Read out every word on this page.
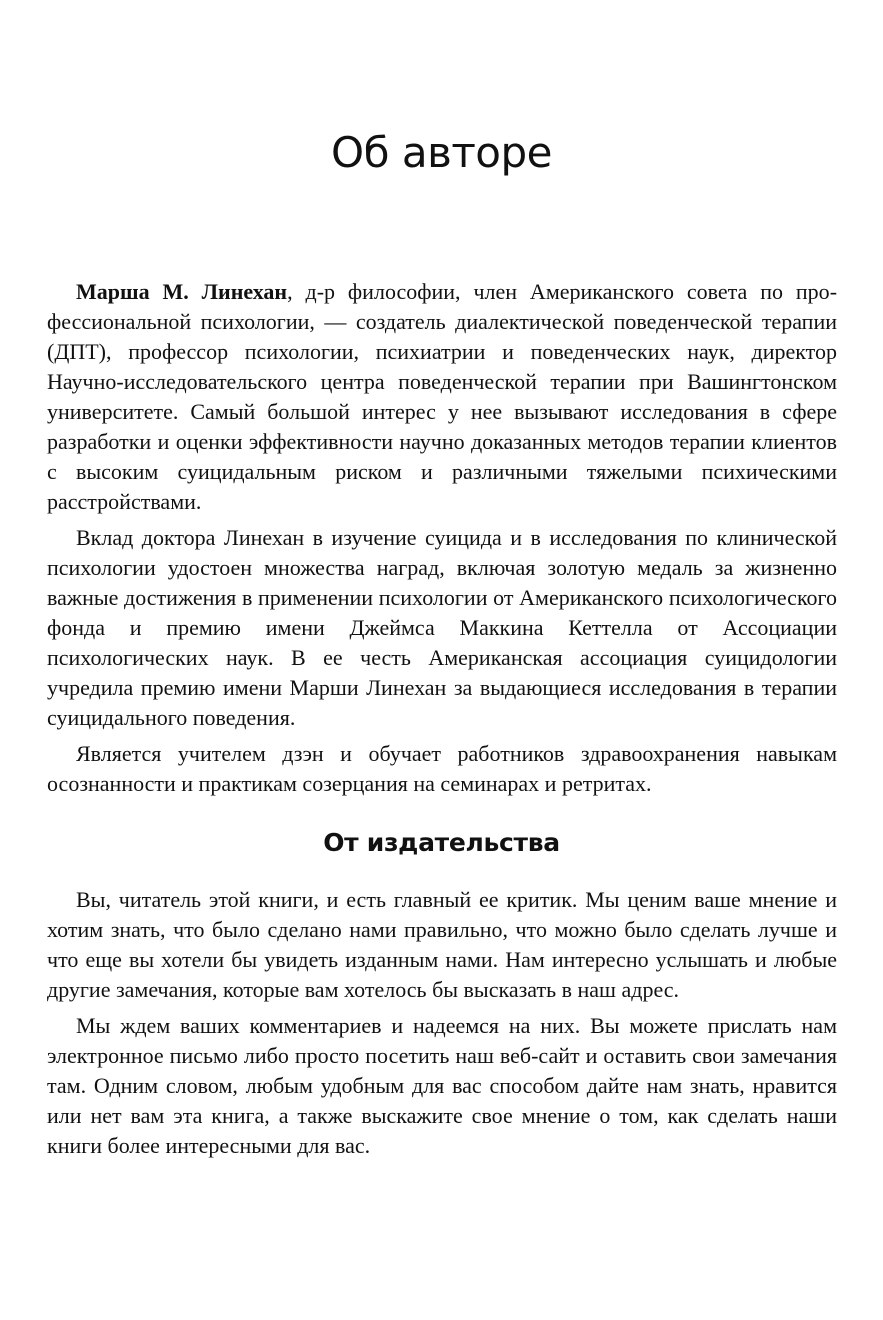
Об авторе

Марша М. Линехан, д-р философии, член Американского совета по профессиональной психологии, — создатель диалектической поведенческой терапии (ДПТ), профессор психологии, психиатрии и поведенческих наук, директор Научно-исследовательского центра поведенческой терапии при Вашингтонском университете. Самый большой интерес у нее вызывают исследования в сфере разработки и оценки эффективности научно доказанных методов терапии клиентов с высоким суицидальным риском и различными тяжелыми психическими расстройствами.

Вклад доктора Линехан в изучение суицида и в исследования по клинической психологии удостоен множества наград, включая золотую медаль за жизненно важные достижения в применении психологии от Американского психологического фонда и премию имени Джеймса Маккина Кеттелла от Ассоциации психологических наук. В ее честь Американская ассоциация суицидологии учредила премию имени Марши Линехан за выдающиеся исследования в терапии суицидального поведения.

Является учителем дзэн и обучает работников здравоохранения навыкам осознанности и практикам созерцания на семинарах и ретритах.

От издательства

Вы, читатель этой книги, и есть главный ее критик. Мы ценим ваше мнение и хотим знать, что было сделано нами правильно, что можно было сделать лучше и что еще вы хотели бы увидеть изданным нами. Нам интересно услышать и любые другие замечания, которые вам хотелось бы высказать в наш адрес.

Мы ждем ваших комментариев и надеемся на них. Вы можете прислать нам электронное письмо либо просто посетить наш веб-сайт и оставить свои замечания там. Одним словом, любым удобным для вас способом дайте нам знать, нравится или нет вам эта книга, а также выскажите свое мнение о том, как сделать наши книги более интересными для вас.
